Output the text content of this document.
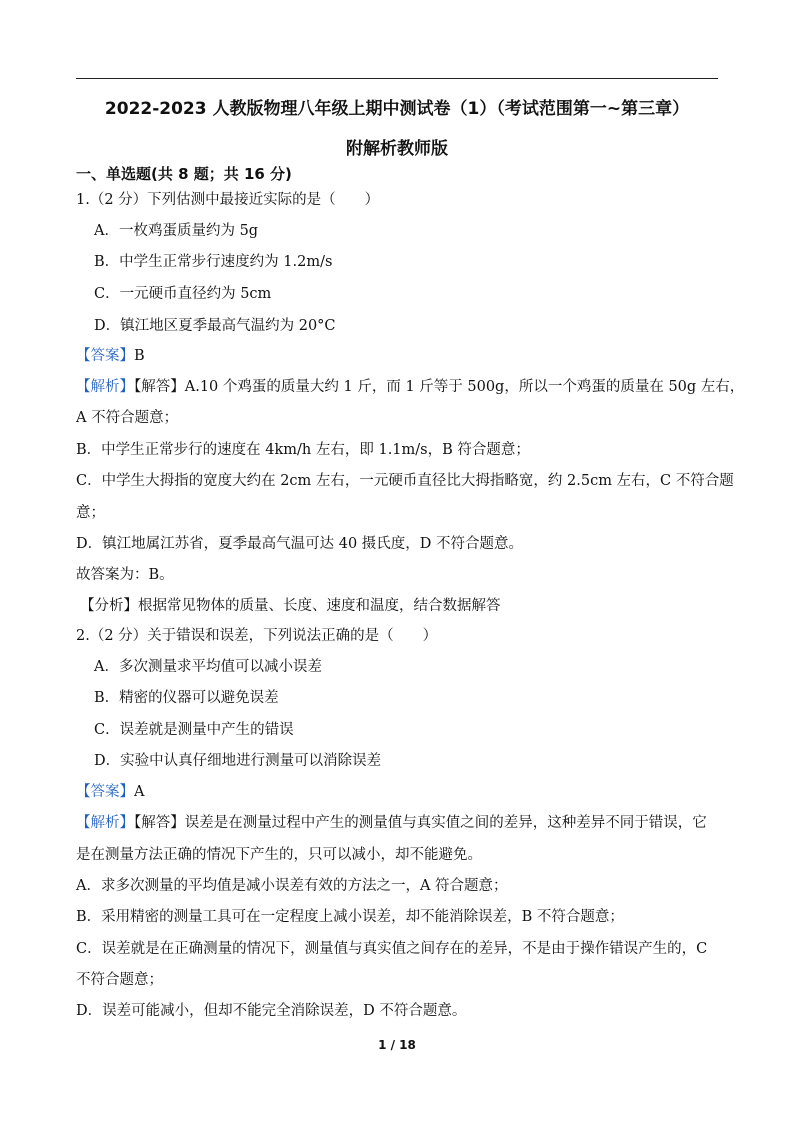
2022-2023 人教版物理八年级上期中测试卷（1）（考试范围第一~第三章）
附解析教师版
一、单选题(共 8 题；共 16 分)
1.（2 分）下列估测中最接近实际的是（　　）
A．一枚鸡蛋质量约为 5g
B．中学生正常步行速度约为 1.2m/s
C．一元硬币直径约为 5cm
D．镇江地区夏季最高气温约为 20°C
【答案】B
【解析】【解答】A.10 个鸡蛋的质量大约 1 斤，而 1 斤等于 500g，所以一个鸡蛋的质量在 50g 左右，
A 不符合题意；
B．中学生正常步行的速度在 4km/h 左右，即 1.1m/s，B 符合题意；
C．中学生大拇指的宽度大约在 2cm 左右，一元硬币直径比大拇指略宽，约 2.5cm 左右，C 不符合题
意；
D．镇江地属江苏省，夏季最高气温可达 40 摄氏度，D 不符合题意。
故答案为：B。
【分析】根据常见物体的质量、长度、速度和温度，结合数据解答
2.（2 分）关于错误和误差，下列说法正确的是（　　）
A．多次测量求平均值可以减小误差
B．精密的仪器可以避免误差
C．误差就是测量中产生的错误
D．实验中认真仔细地进行测量可以消除误差
【答案】A
【解析】【解答】误差是在测量过程中产生的测量值与真实值之间的差异，这种差异不同于错误，它
是在测量方法正确的情况下产生的，只可以减小，却不能避免。
A．求多次测量的平均值是减小误差有效的方法之一，A 符合题意；
B．采用精密的测量工具可在一定程度上减小误差，却不能消除误差，B 不符合题意；
C．误差就是在正确测量的情况下，测量值与真实值之间存在的差异，不是由于操作错误产生的，C
不符合题意；
D．误差可能减小，但却不能完全消除误差，D 不符合题意。
1 / 18
